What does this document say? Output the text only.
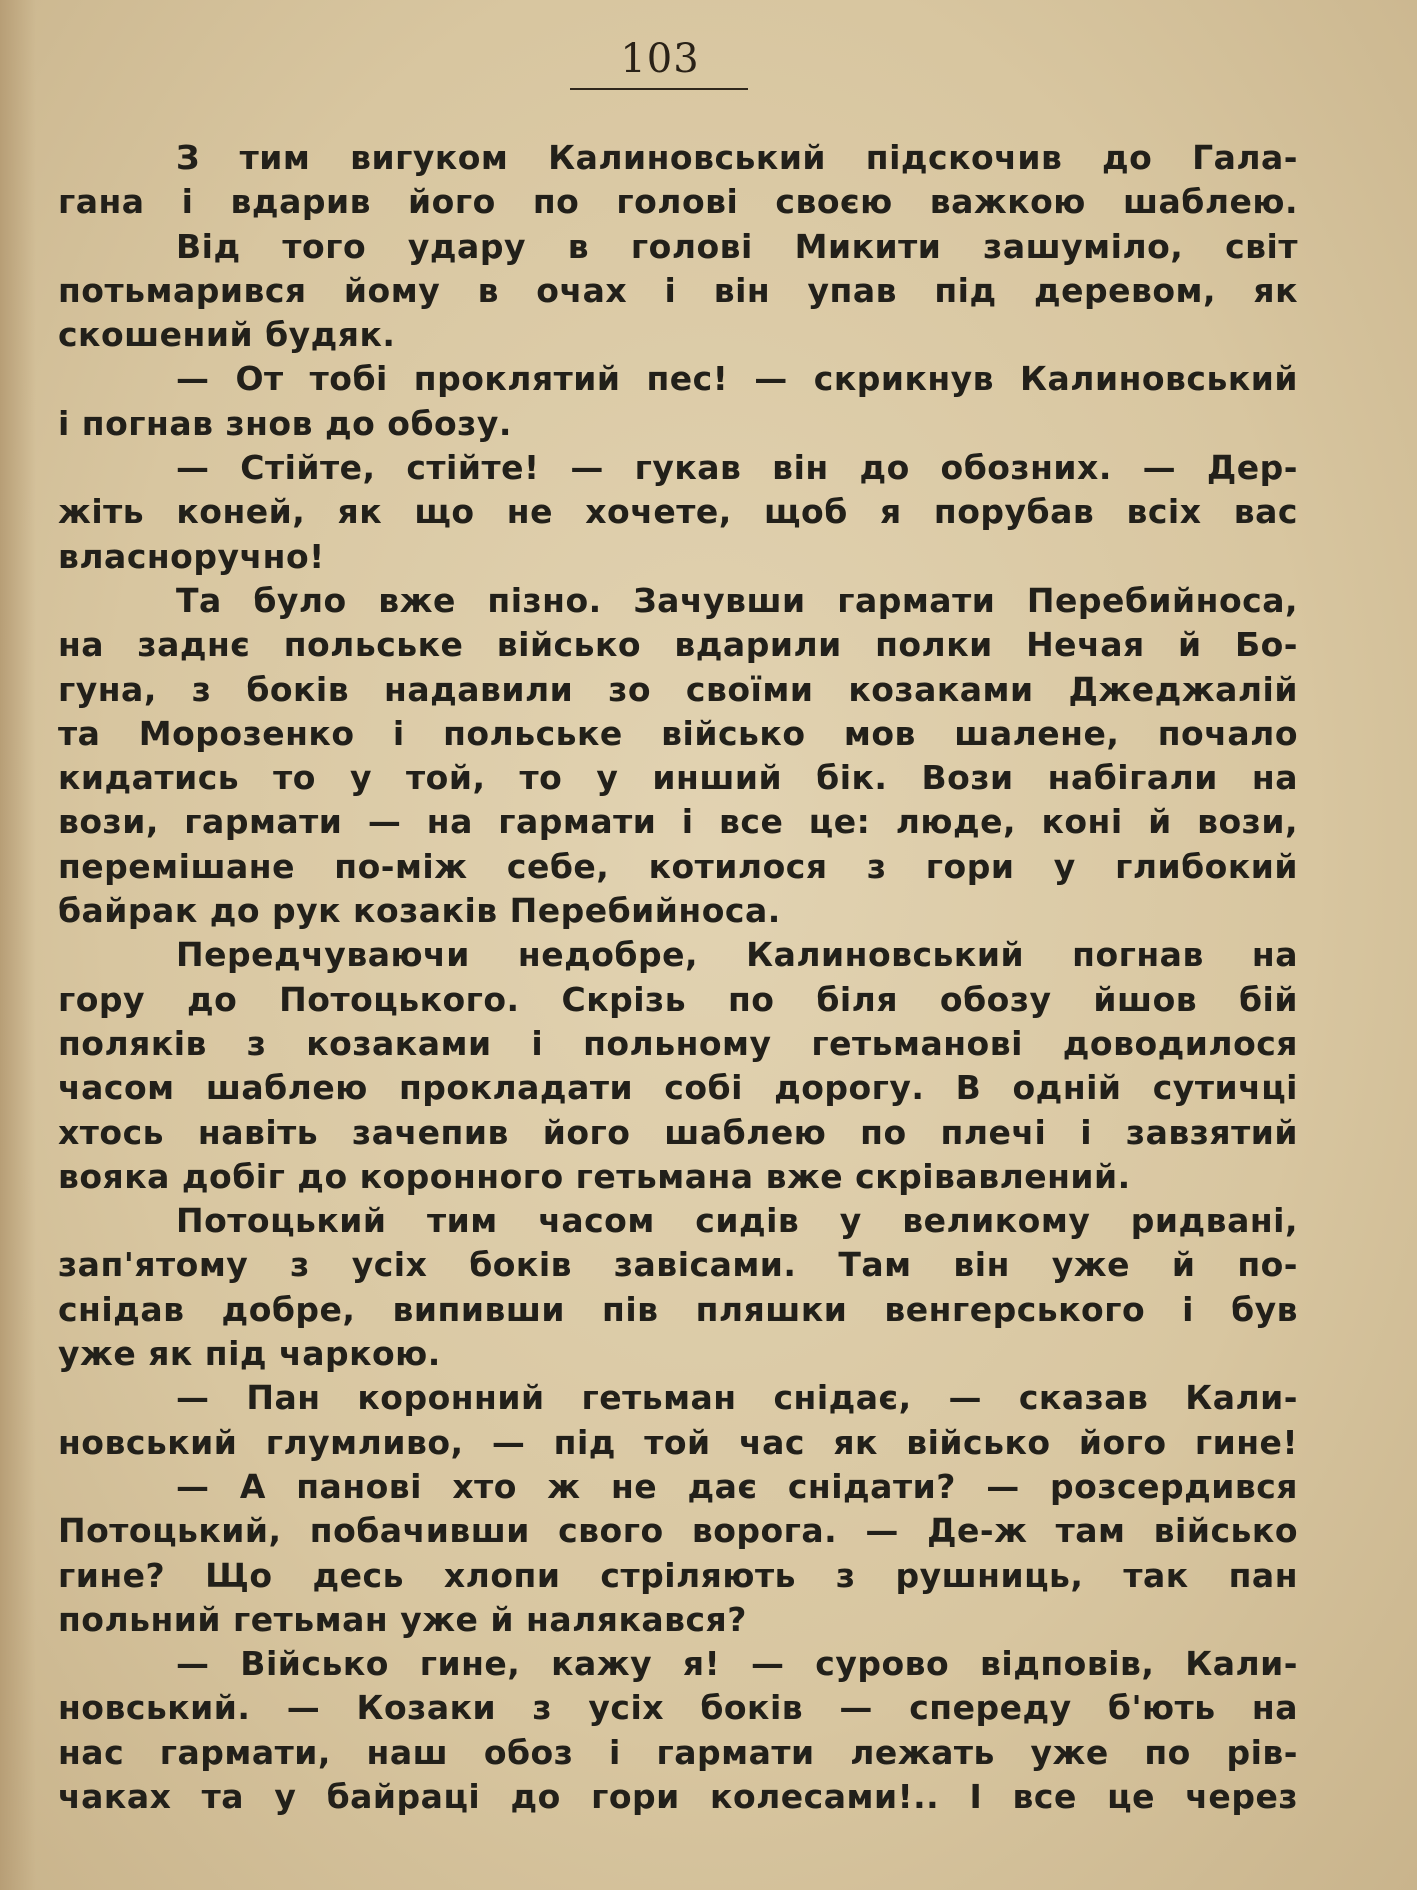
103
З тим вигуком Калиновський підскочив до Гала-
гана і вдарив його по голові своєю важкою шаблею.
Від того удару в голові Микити зашуміло, світ
потьмарився йому в очах і він упав під деревом, як
скошений будяк.
— От тобі проклятий пес! — скрикнув Калиновський
і погнав знов до обозу.
— Стійте, стійте! — гукав він до обозних. — Дер-
жіть коней, як що не хочете, щоб я порубав всіх вас
власноручно!
Та було вже пізно. Зачувши гармати Перебийноса,
на заднє польське військо вдарили полки Нечая й Бо-
гуна, з боків надавили зо своїми козаками Джеджалій
та Морозенко і польське військо мов шалене, почало
кидатись то у той, то у инший бік. Вози набігали на
вози, гармати — на гармати і все це: люде, коні й вози,
перемішане по-між себе, котилося з гори у глибокий
байрак до рук козаків Перебийноса.
Передчуваючи недобре, Калиновський погнав на
гору до Потоцького. Скрізь по біля обозу йшов бій
поляків з козаками і польному гетьманові доводилося
часом шаблею прокладати собі дорогу. В одній сутичці
хтось навіть зачепив його шаблею по плечі і завзятий
вояка добіг до коронного гетьмана вже скрівавлений.
Потоцький тим часом сидів у великому ридвані,
зап'ятому з усіх боків завісами. Там він уже й по-
снідав добре, випивши пів пляшки венгерського і був
уже як під чаркою.
— Пан коронний гетьман снідає, — сказав Кали-
новський глумливо, — під той час як військо його гине!
— А панові хто ж не дає снідати? — розсердився
Потоцький, побачивши свого ворога. — Де-ж там військо
гине? Що десь хлопи стріляють з рушниць, так пан
польний гетьман уже й налякався?
— Військо гине, кажу я! — сурово відповів, Кали-
новський. — Козаки з усіх боків — спереду б'ють на
нас гармати, наш обоз і гармати лежать уже по рів-
чаках та у байраці до гори колесами!.. І все це через
